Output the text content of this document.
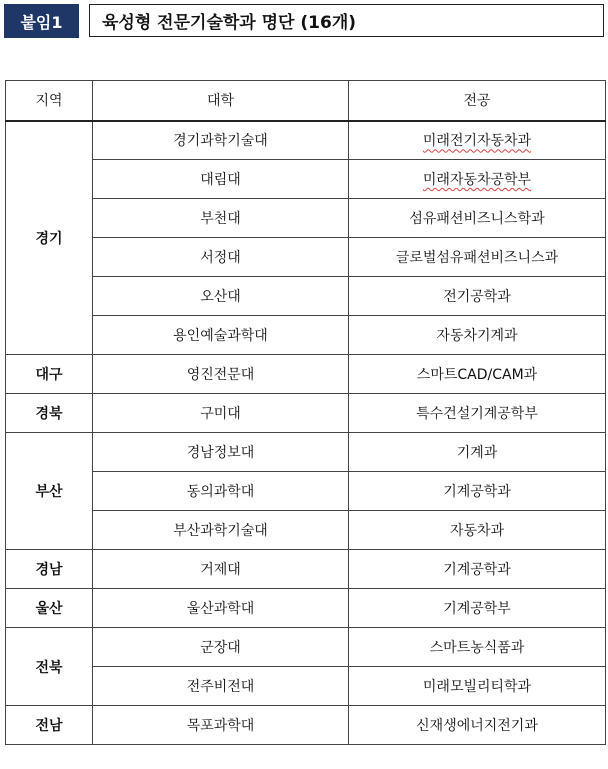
붙임1	육성형 전문기술학과 명단 (16개)
지역	대학	전공
경기	경기과학기술대	미래전기자동차과
	대림대	미래자동차공학부
	부천대	섬유패션비즈니스학과
	서정대	글로벌섬유패션비즈니스과
	오산대	전기공학과
	용인예술과학대	자동차기계과
대구	영진전문대	스마트CAD/CAM과
경북	구미대	특수건설기계공학부
부산	경남정보대	기계과
	동의과학대	기계공학과
	부산과학기술대	자동차과
경남	거제대	기계공학과
울산	울산과학대	기계공학부
전북	군장대	스마트농식품과
	전주비전대	미래모빌리티학과
전남	목포과학대	신재생에너지전기과
